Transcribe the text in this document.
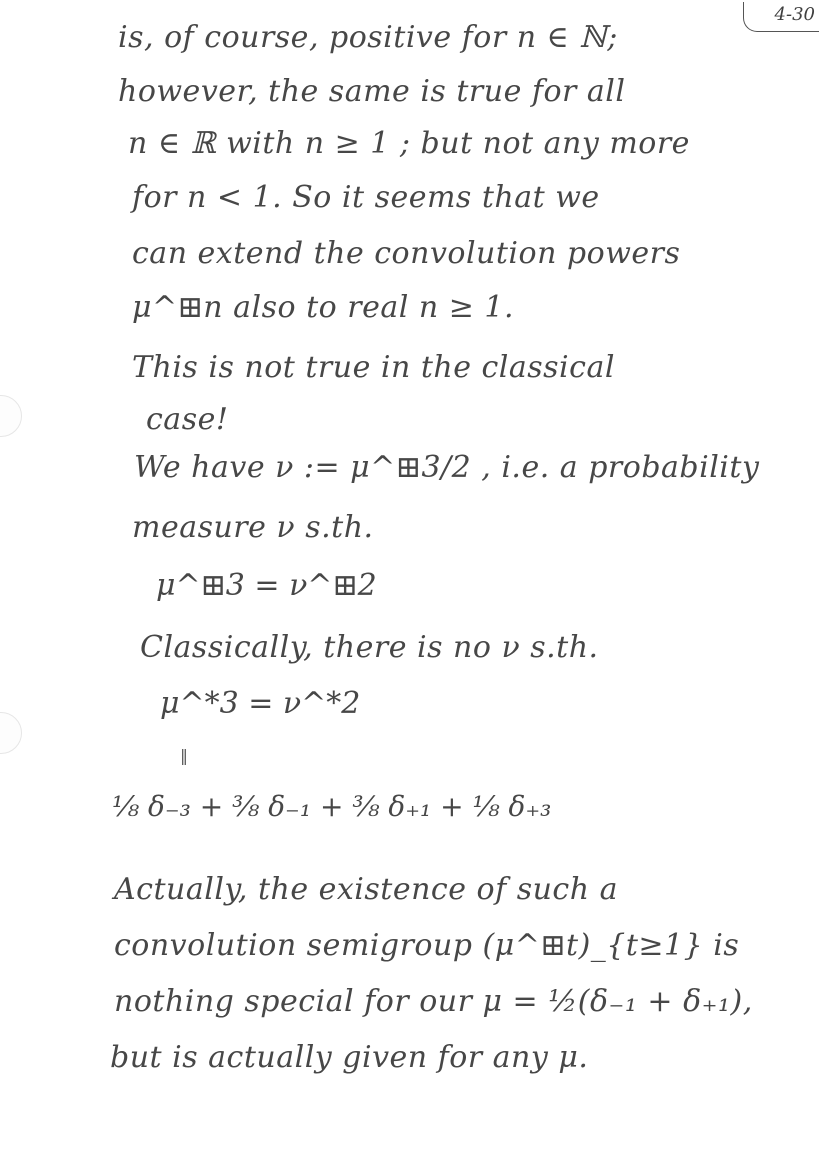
4-30
is, of course, positive for n ∈ ℕ;
however, the same is true for all
n ∈ ℝ with n ≥ 1 ; but not any more
for n < 1. So it seems that we
can extend the convolution powers
μ^⊞n also to real n ≥ 1.
This is not true in the classical
case!
We have ν := μ^⊞3/2 , i.e. a probability
measure ν s.th.
μ^⊞3 = ν^⊞2
Classically, there is no ν s.th.
μ^*3 = ν^*2
‖
⅛ δ₋₃ + ⅜ δ₋₁ + ⅜ δ₊₁ + ⅛ δ₊₃
Actually, the existence of such a
convolution semigroup (μ^⊞t)_{t≥1} is
nothing special for our μ = ½(δ₋₁ + δ₊₁),
but is actually given for any μ.
